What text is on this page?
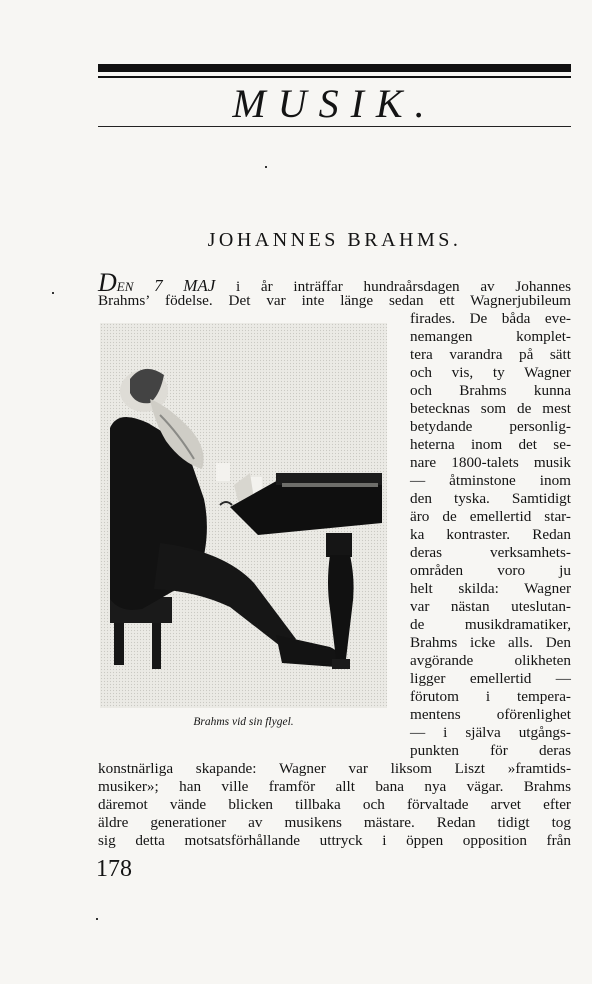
MUSIK.
JOHANNES BRAHMS.
DEN 7 MAJ i år inträffar hundraårsdagen av Johannes
Brahms’ födelse. Det var inte länge sedan ett Wagnerjubileum
firades. De båda eve-
nemangen komplet-
tera varandra på sätt
och vis, ty Wagner
och Brahms kunna
betecknas som de mest
betydande personlig-
heterna inom det se-
nare 1800-talets musik
— åtminstone inom
den tyska. Samtidigt
äro de emellertid star-
ka kontraster. Redan
deras verksamhets-
områden voro ju
helt skilda: Wagner
var nästan uteslutan-
de musikdramatiker,
Brahms icke alls. Den
avgörande olikheten
ligger emellertid —
förutom i tempera-
mentens oförenlighet
— i själva utgångs-
punkten för deras
konstnärliga skapande: Wagner var liksom Liszt »framtids-
musiker»; han ville framför allt bana nya vägar. Brahms
däremot vände blicken tillbaka och förvaltade arvet efter
äldre generationer av musikens mästare. Redan tidigt tog
sig detta motsatsförhållande uttryck i öppen opposition från
Brahms vid sin flygel.
178
